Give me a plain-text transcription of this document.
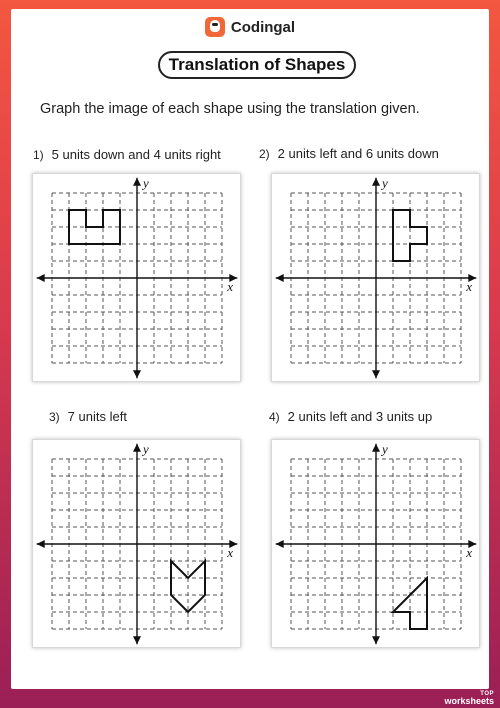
Codingal
Translation of Shapes
Graph the image of each shape using the translation given.
1) 5 units down and 4 units right	2) 2 units left and 6 units down
3) 7 units left	4) 2 units left and 3 units up
x
y
x
y
x
y
x
y
TOP
worksheets
